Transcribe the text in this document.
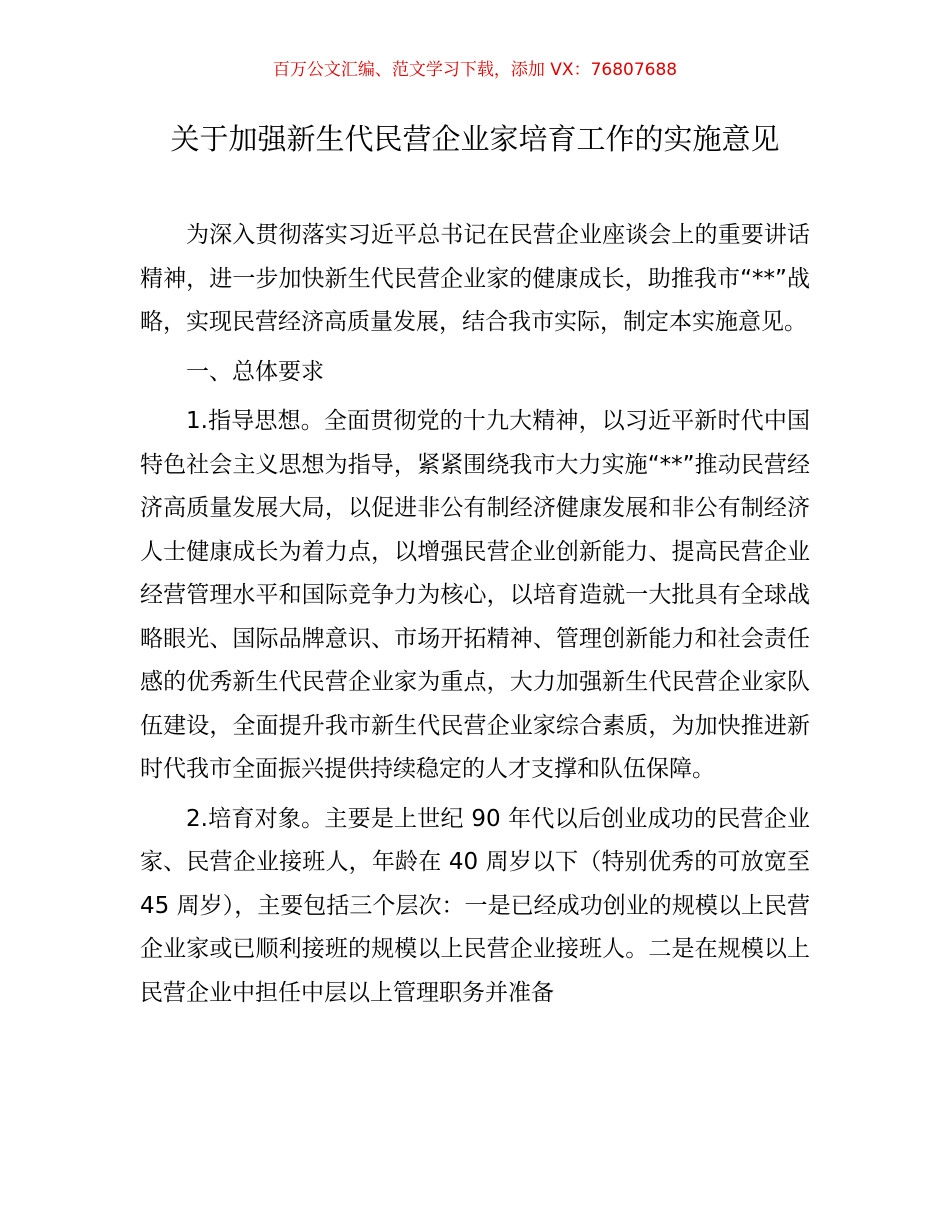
百万公文汇编、范文学习下载，添加 VX：76807688
关于加强新生代民营企业家培育工作的实施意见

为深入贯彻落实习近平总书记在民营企业座谈会上的重要讲话精神，进一步加快新生代民营企业家的健康成长，助推我市“**”战略，实现民营经济高质量发展，结合我市实际，制定本实施意见。

一、总体要求

1.指导思想。全面贯彻党的十九大精神，以习近平新时代中国特色社会主义思想为指导，紧紧围绕我市大力实施“**”推动民营经济高质量发展大局，以促进非公有制经济健康发展和非公有制经济人士健康成长为着力点，以增强民营企业创新能力、提高民营企业经营管理水平和国际竞争力为核心，以培育造就一大批具有全球战略眼光、国际品牌意识、市场开拓精神、管理创新能力和社会责任感的优秀新生代民营企业家为重点，大力加强新生代民营企业家队伍建设，全面提升我市新生代民营企业家综合素质，为加快推进新时代我市全面振兴提供持续稳定的人才支撑和队伍保障。

2.培育对象。主要是上世纪 90 年代以后创业成功的民营企业家、民营企业接班人，年龄在 40 周岁以下（特别优秀的可放宽至 45 周岁），主要包括三个层次：一是已经成功创业的规模以上民营企业家或已顺利接班的规模以上民营企业接班人。二是在规模以上民营企业中担任中层以上管理职务并准备
